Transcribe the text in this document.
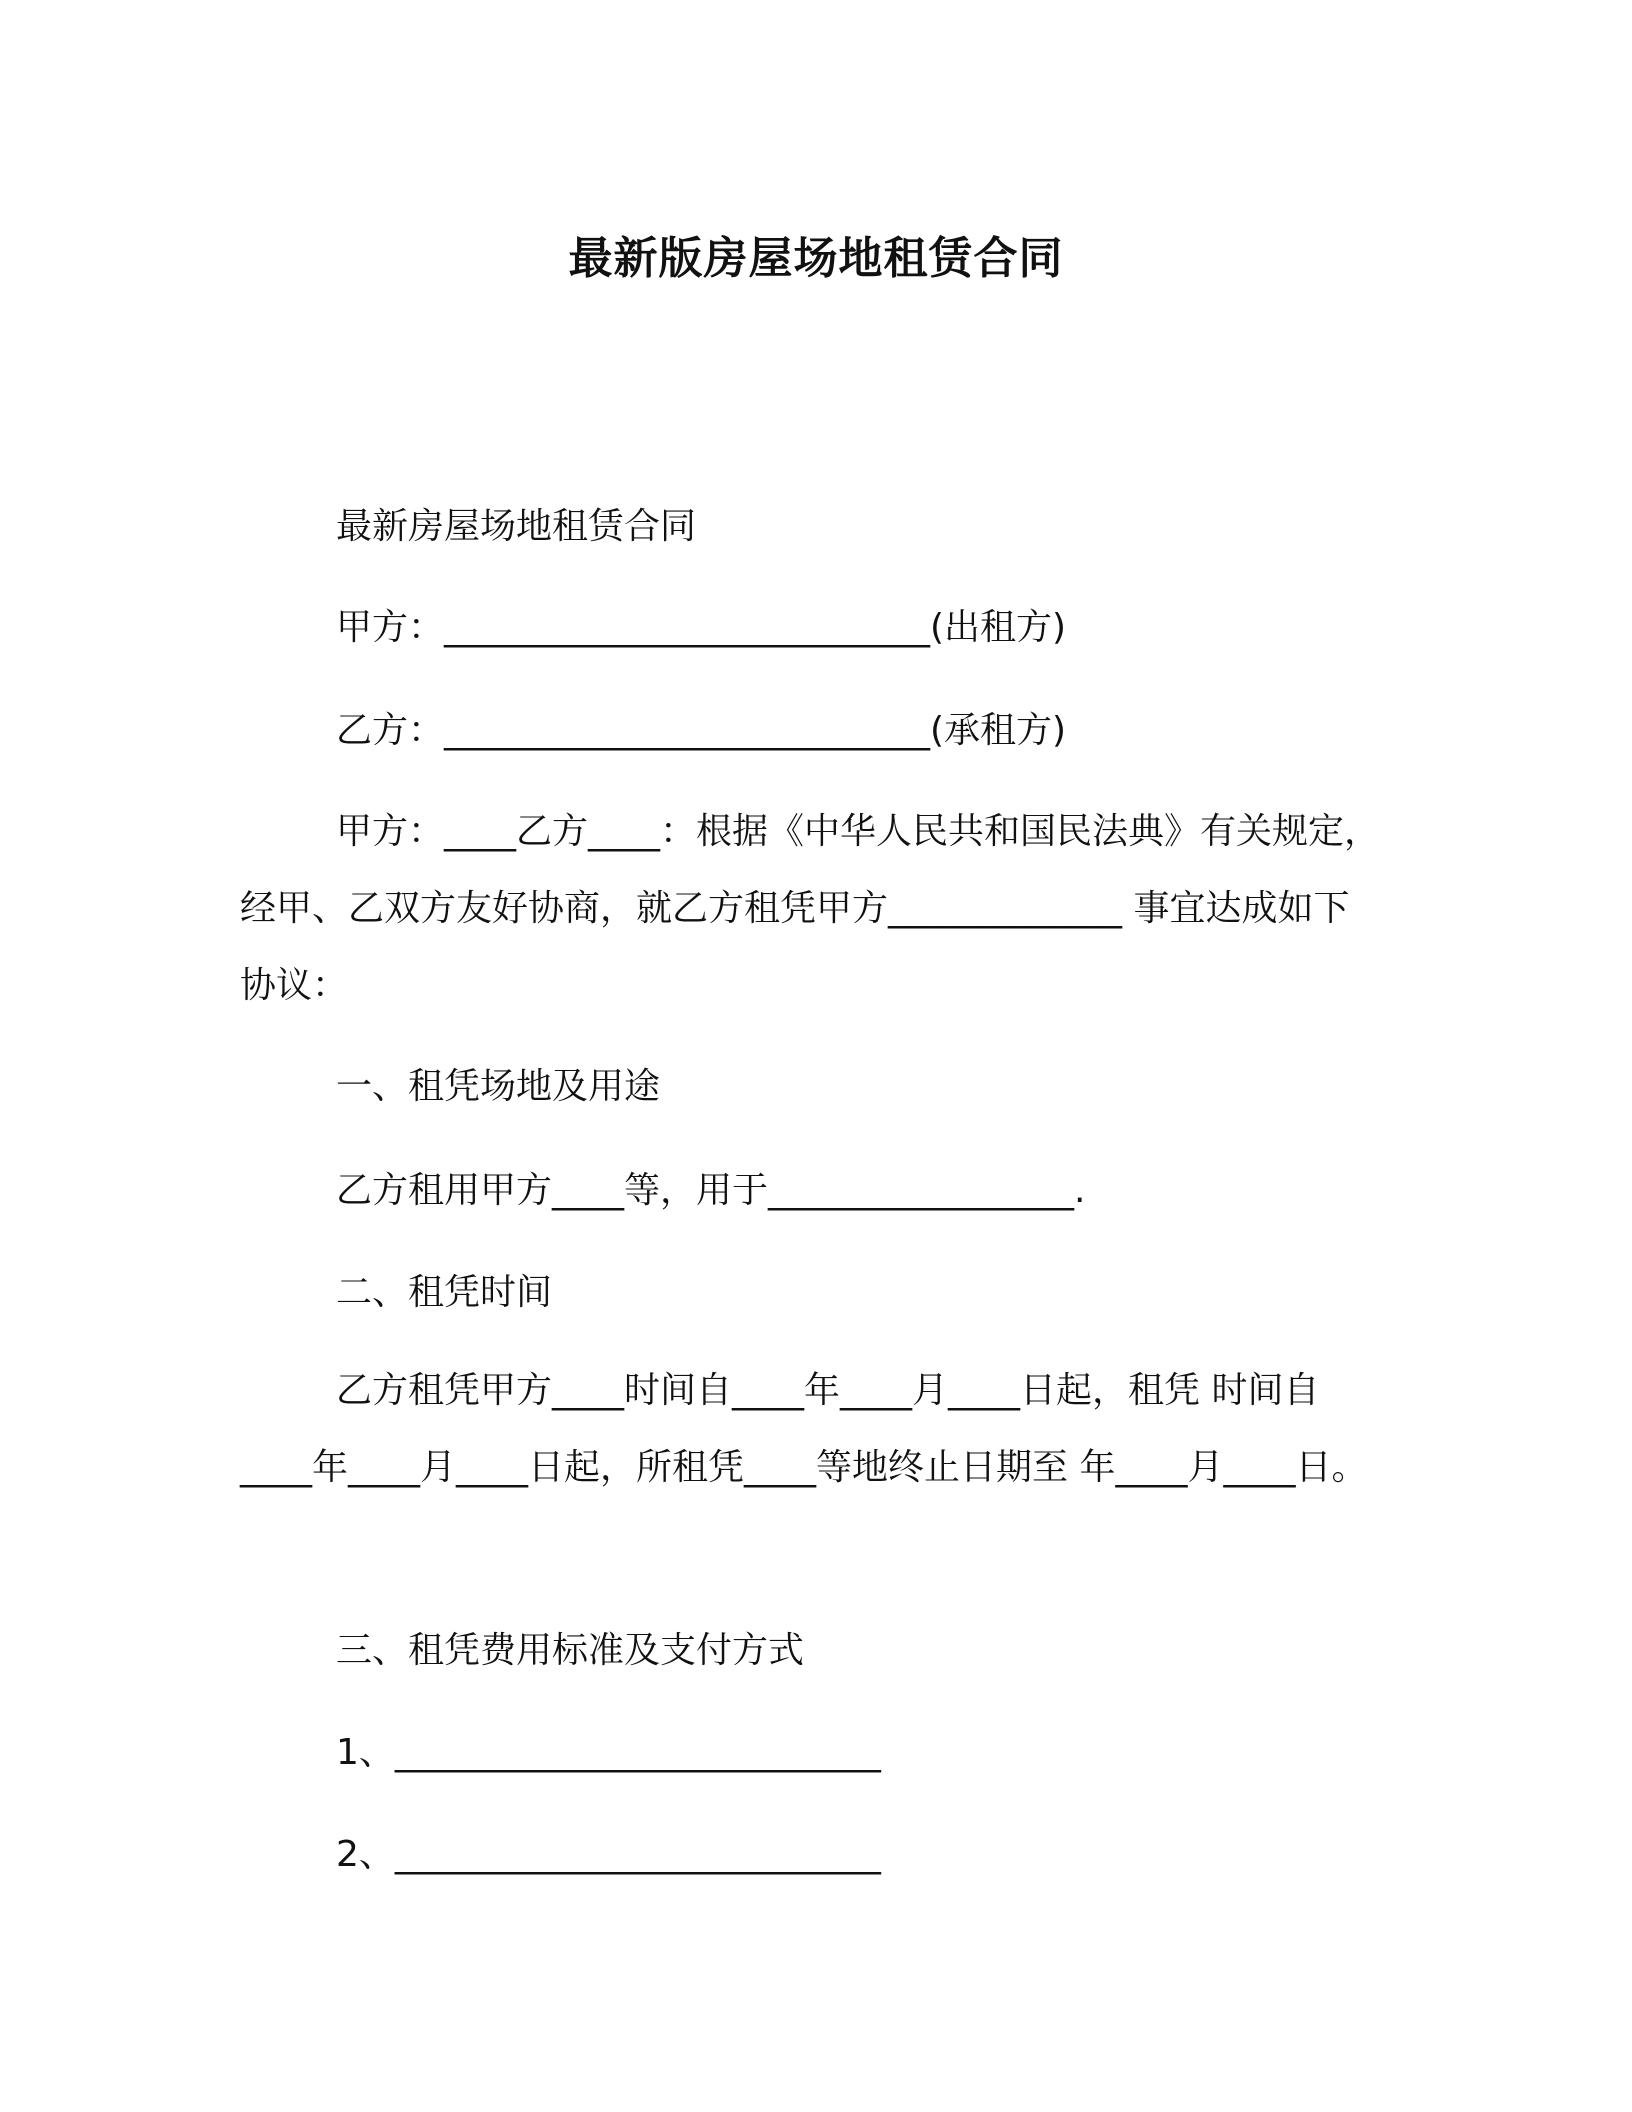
最新版房屋场地租赁合同

最新房屋场地租赁合同

甲方：___________________________(出租方)

乙方：___________________________(承租方)

甲方：____乙方____：根据《中华人民共和国民法典》有关规定，经甲、乙双方友好协商，就乙方租凭甲方_____________ 事宜达成如下协议：

一、租凭场地及用途

乙方租用甲方____等，用于_________________.

二、租凭时间

乙方租凭甲方____时间自____年____月____日起，租凭 时间自____年____月____日起，所租凭____等地终止日期至 年____月____日。

三、租凭费用标准及支付方式

1、___________________________

2、___________________________
